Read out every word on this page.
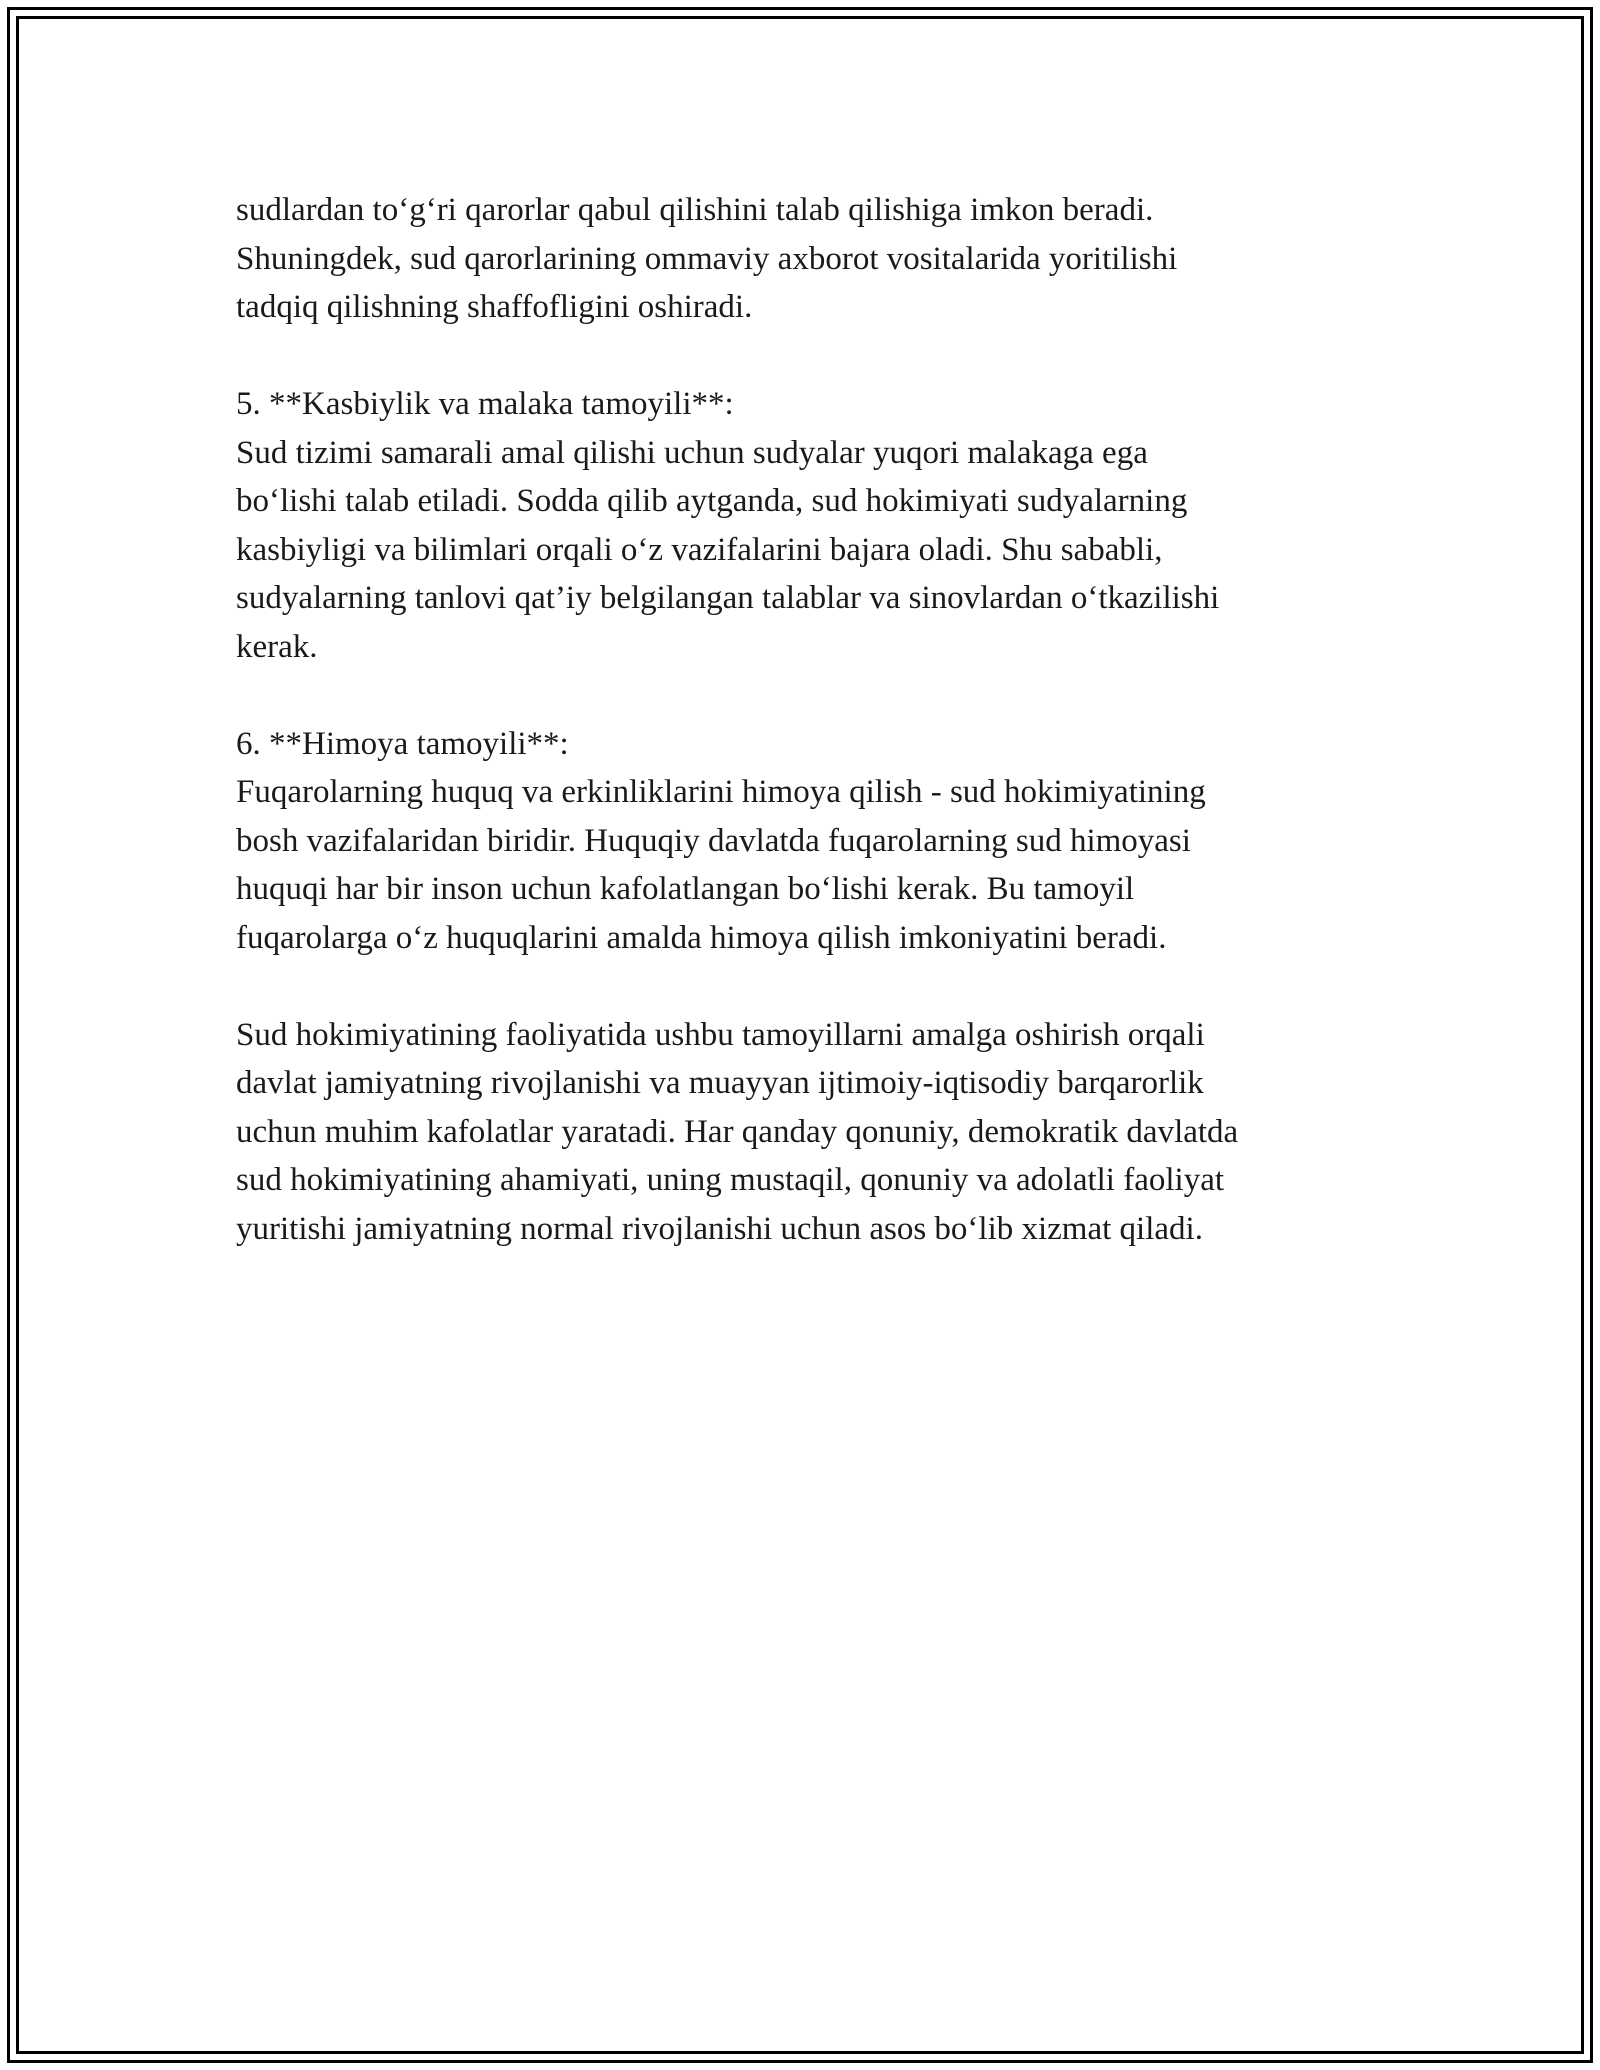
sudlardan to‘g‘ri qarorlar qabul qilishini talab qilishiga imkon beradi.
Shuningdek, sud qarorlarining ommaviy axborot vositalarida yoritilishi
tadqiq qilishning shaffofligini oshiradi.
5. **Kasbiylik va malaka tamoyili**:
Sud tizimi samarali amal qilishi uchun sudyalar yuqori malakaga ega
bo‘lishi talab etiladi. Sodda qilib aytganda, sud hokimiyati sudyalarning
kasbiyligi va bilimlari orqali o‘z vazifalarini bajara oladi. Shu sababli,
sudyalarning tanlovi qat’iy belgilangan talablar va sinovlardan o‘tkazilishi
kerak.
6. **Himoya tamoyili**:
Fuqarolarning huquq va erkinliklarini himoya qilish - sud hokimiyatining
bosh vazifalaridan biridir. Huquqiy davlatda fuqarolarning sud himoyasi
huquqi har bir inson uchun kafolatlangan bo‘lishi kerak. Bu tamoyil
fuqarolarga o‘z huquqlarini amalda himoya qilish imkoniyatini beradi.
Sud hokimiyatining faoliyatida ushbu tamoyillarni amalga oshirish orqali
davlat jamiyatning rivojlanishi va muayyan ijtimoiy-iqtisodiy barqarorlik
uchun muhim kafolatlar yaratadi. Har qanday qonuniy, demokratik davlatda
sud hokimiyatining ahamiyati, uning mustaqil, qonuniy va adolatli faoliyat
yuritishi jamiyatning normal rivojlanishi uchun asos bo‘lib xizmat qiladi.
